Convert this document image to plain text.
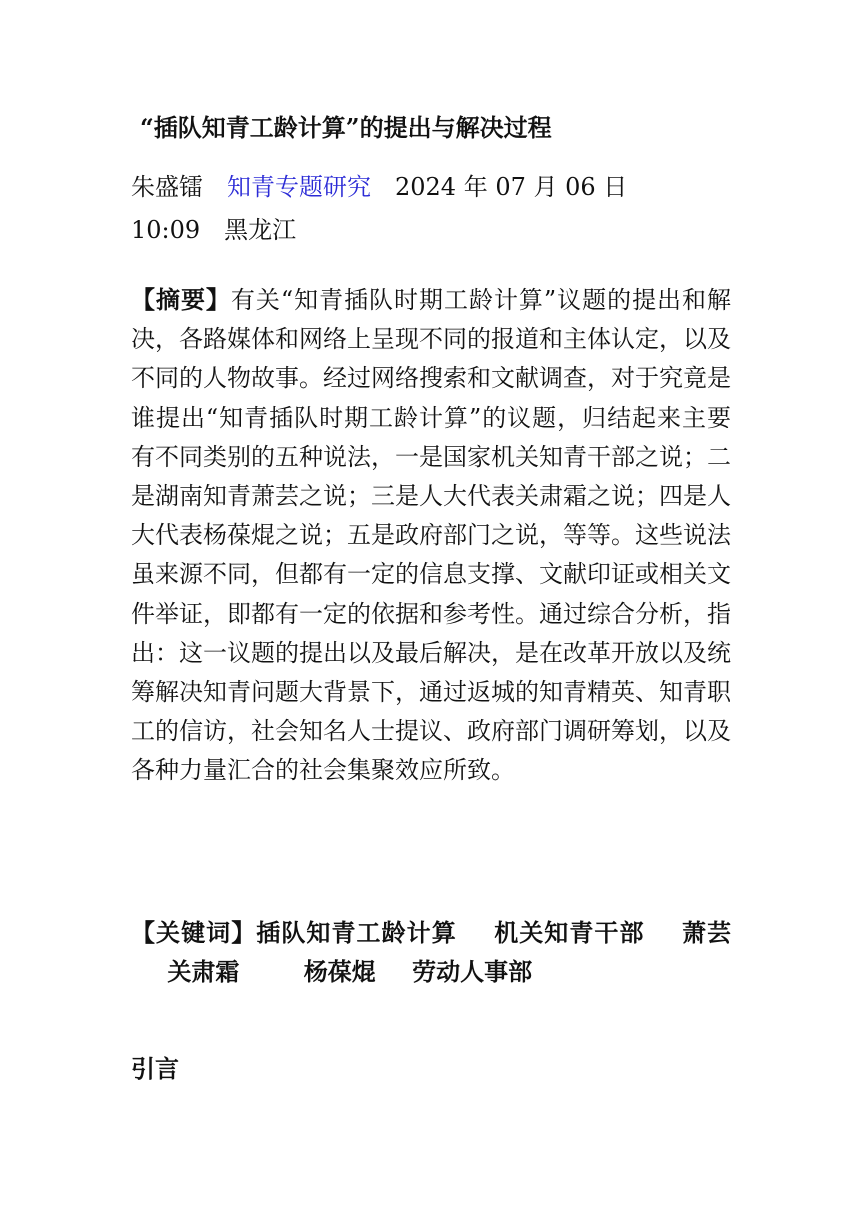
“插队知青工龄计算”的提出与解决过程

朱盛镭 知青专题研究 2024 年 07 月 06 日
10:09 黑龙江

【摘要】有关“知青插队时期工龄计算”议题的提出和解决，各路媒体和网络上呈现不同的报道和主体认定，以及不同的人物故事。经过网络搜索和文献调查，对于究竟是谁提出“知青插队时期工龄计算”的议题，归结起来主要有不同类别的五种说法，一是国家机关知青干部之说；二是湖南知青萧芸之说；三是人大代表关肃霜之说；四是人大代表杨葆焜之说；五是政府部门之说，等等。这些说法虽来源不同，但都有一定的信息支撑、文献印证或相关文件举证，即都有一定的依据和参考性。通过综合分析，指出：这一议题的提出以及最后解决，是在改革开放以及统筹解决知青问题大背景下，通过返城的知青精英、知青职工的信访，社会知名人士提议、政府部门调研筹划，以及各种力量汇合的社会集聚效应所致。

【关键词】插队知青工龄计算 机关知青干部 萧芸 关肃霜	杨葆焜 劳动人事部

引言
